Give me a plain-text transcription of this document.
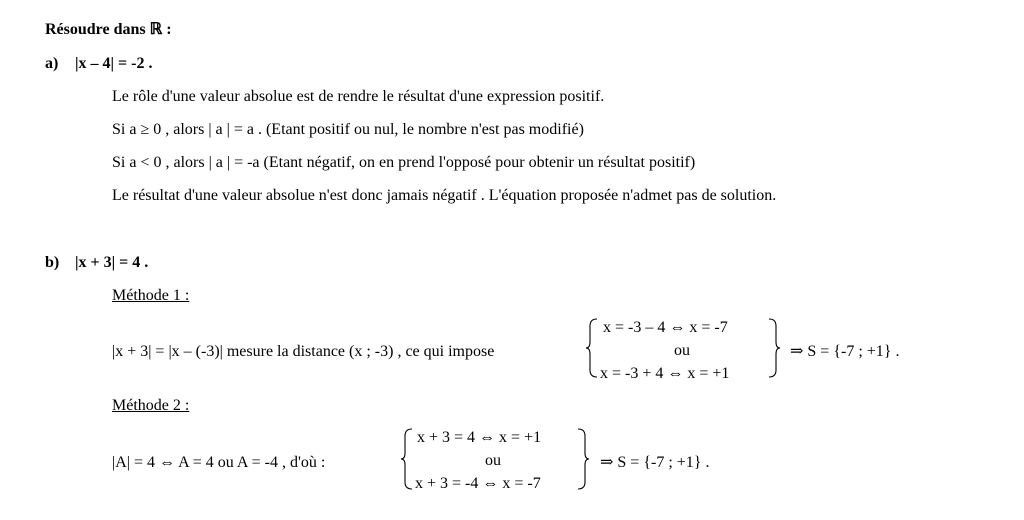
Résoudre dans ℝ :
a) |x – 4| = -2 .
Le rôle d'une valeur absolue est de rendre le résultat d'une expression positif.
Si a ≥ 0 , alors | a | = a . (Etant positif ou nul, le nombre n'est pas modifié)
Si a < 0 , alors | a | = -a (Etant négatif, on en prend l'opposé pour obtenir un résultat positif)
Le résultat d'une valeur absolue n'est donc jamais négatif . L'équation proposée n'admet pas de solution.
b) |x + 3| = 4 .
Méthode 1 :
|x + 3| = |x – (-3)| mesure la distance (x ; -3) , ce qui impose
x = -3 – 4 ⇔ x = -7
ou
x = -3 + 4 ⇔ x = +1
⇒ S = {-7 ; +1} .
Méthode 2 :
|A| = 4 ⇔ A = 4 ou A = -4 , d'où :
x + 3 = 4 ⇔ x = +1
ou
x + 3 = -4 ⇔ x = -7
⇒ S = {-7 ; +1} .
